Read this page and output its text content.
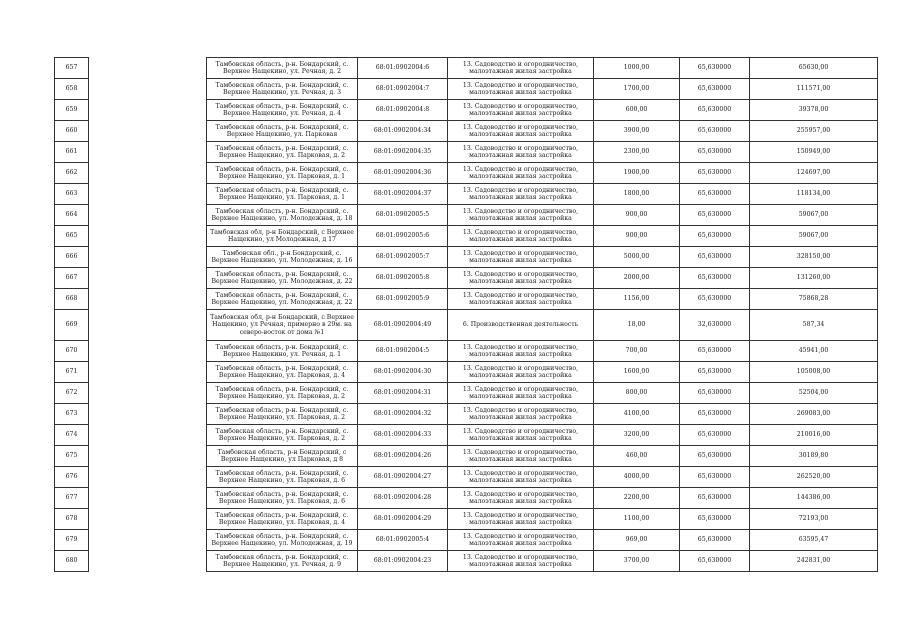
657		Тамбовская область, р-н. Бондарский, с. Верхнее Нащекино, ул. Речная, д. 2	68:01:0902004:6	13. Садоводство и огородничество, малоэтажная жилая застройка	1000,00	65,630000	65630,00
658		Тамбовская область, р-н. Бондарский, с. Верхнее Нащекино, ул. Речная, д. 3	68:01:0902004:7	13. Садоводство и огородничество, малоэтажная жилая застройка	1700,00	65,630000	111571,00
659		Тамбовская область, р-н. Бондарский, с. Верхнее Нащекино, ул. Речная, д. 4	68:01:0902004:8	13. Садоводство и огородничество, малоэтажная жилая застройка	600,00	65,630000	39378,00
660		Тамбовская область, р-н. Бондарский, с. Верхнее Нащекино, ул. Парковая	68:01:0902004:34	13. Садоводство и огородничество, малоэтажная жилая застройка	3900,00	65,630000	255957,00
661		Тамбовская область, р-н. Бондарский, с. Верхнее Нащекино, ул. Парковая, д. 2	68:01:0902004:35	13. Садоводство и огородничество, малоэтажная жилая застройка	2300,00	65,630000	150949,00
662		Тамбовская область, р-н. Бондарский, с. Верхнее Нащекино, ул. Парковая, д. 1	68:01:0902004:36	13. Садоводство и огородничество, малоэтажная жилая застройка	1900,00	65,630000	124697,00
663		Тамбовская область, р-н. Бондарский, с. Верхнее Нащекино, ул. Парковая, д. 1	68:01:0902004:37	13. Садоводство и огородничество, малоэтажная жилая застройка	1800,00	65,630000	118134,00
664		Тамбовская область, р-н. Бондарский, с. Верхнее Нащекино, ул. Молодежная, д. 18	68:01:0902005:5	13. Садоводство и огородничество, малоэтажная жилая застройка	900,00	65,630000	59067,00
665		Тамбовская обл, р-н Бондарский, с Верхнее Нащекино, ул Молодежная, д 17	68:01:0902005:6	13. Садоводство и огородничество, малоэтажная жилая застройка	900,00	65,630000	59067,00
666		Тамбовская обл., р-н Бондарский, с. Верхнее Нащекино, ул. Молодежная, д. 16	68:01:0902005:7	13. Садоводство и огородничество, малоэтажная жилая застройка	5000,00	65,630000	328150,00
667		Тамбовская область, р-н. Бондарский, с. Верхнее Нащекино, ул. Молодежная, д. 22	68:01:0902005:8	13. Садоводство и огородничество, малоэтажная жилая застройка	2000,00	65,630000	131260,00
668		Тамбовская область, р-н. Бондарский, с. Верхнее Нащекино, ул. Молодежная, д. 22	68:01:0902005:9	13. Садоводство и огородничество, малоэтажная жилая застройка	1156,00	65,630000	75868,28
669		Тамбовская обл, р-н Бондарский, с Верхнее Нащекино, ул Речная, примерно в 29м. на северо-восток от дома №1	68:01:0902004:49	6. Производственная деятельность	18,00	32,630000	587,34
670		Тамбовская область, р-н. Бондарский, с. Верхнее Нащекино, ул. Речная, д. 1	68:01:0902004:5	13. Садоводство и огородничество, малоэтажная жилая застройка	700,00	65,630000	45941,00
671		Тамбовская область, р-н. Бондарский, с. Верхнее Нащекино, ул. Парковая, д. 4	68:01:0902004:30	13. Садоводство и огородничество, малоэтажная жилая застройка	1600,00	65,630000	105008,00
672		Тамбовская область, р-н. Бондарский, с. Верхнее Нащекино, ул. Парковая, д. 2	68:01:0902004:31	13. Садоводство и огородничество, малоэтажная жилая застройка	800,00	65,630000	52504,00
673		Тамбовская область, р-н. Бондарский, с. Верхнее Нащекино, ул. Парковая, д. 2	68:01:0902004:32	13. Садоводство и огородничество, малоэтажная жилая застройка	4100,00	65,630000	269083,00
674		Тамбовская область, р-н. Бондарский, с. Верхнее Нащекино, ул. Парковая, д. 2	68:01:0902004:33	13. Садоводство и огородничество, малоэтажная жилая застройка	3200,00	65,630000	210016,00
675		Тамбовская область, р-н Бондарский, с Верхнее Нащекино, ул Парковая, д 8	68:01:0902004:26	13. Садоводство и огородничество, малоэтажная жилая застройка	460,00	65,630000	30189,80
676		Тамбовская область, р-н. Бондарский, с. Верхнее Нащекино, ул. Парковая, д. 6	68:01:0902004:27	13. Садоводство и огородничество, малоэтажная жилая застройка	4000,00	65,630000	262520,00
677		Тамбовская область, р-н. Бондарский, с. Верхнее Нащекино, ул. Парковая, д. 6	68:01:0902004:28	13. Садоводство и огородничество, малоэтажная жилая застройка	2200,00	65,630000	144386,00
678		Тамбовская область, р-н. Бондарский, с. Верхнее Нащекино, ул. Парковая, д. 4	68:01:0902004:29	13. Садоводство и огородничество, малоэтажная жилая застройка	1100,00	65,630000	72193,00
679		Тамбовская область, р-н. Бондарский, с. Верхнее Нащекино, ул. Молодежная, д. 19	68:01:0902005:4	13. Садоводство и огородничество, малоэтажная жилая застройка	969,00	65,630000	63595,47
680		Тамбовская область, р-н. Бондарский, с. Верхнее Нащекино, ул. Речная, д. 9	68:01:0902004:23	13. Садоводство и огородничество, малоэтажная жилая застройка	3700,00	65,630000	242831,00
